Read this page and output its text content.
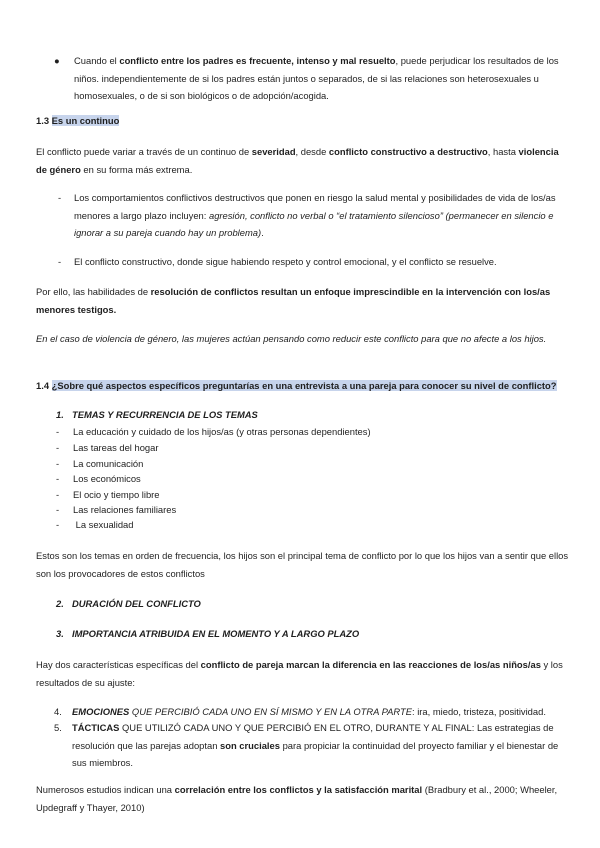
● Cuando el conflicto entre los padres es frecuente, intenso y mal resuelto, puede perjudicar los resultados de los niños. independientemente de si los padres están juntos o separados, de si las relaciones son heterosexuales u homosexuales, o de si son biológicos o de adopción/acogida.
1.3 Es un continuo
El conflicto puede variar a través de un continuo de severidad, desde conflicto constructivo a destructivo, hasta violencia de género en su forma más extrema.
- Los comportamientos conflictivos destructivos que ponen en riesgo la salud mental y posibilidades de vida de los/as menores a largo plazo incluyen: agresión, conflicto no verbal o “el tratamiento silencioso” (permanecer en silencio e ignorar a su pareja cuando hay un problema).
- El conflicto constructivo, donde sigue habiendo respeto y control emocional, y el conflicto se resuelve.
Por ello, las habilidades de resolución de conflictos resultan un enfoque imprescindible en la intervención con los/as menores testigos.
En el caso de violencia de género, las mujeres actúan pensando como reducir este conflicto para que no afecte a los hijos.
1.4 ¿Sobre qué aspectos específicos preguntarías en una entrevista a una pareja para conocer su nivel de conflicto?
1. TEMAS Y RECURRENCIA DE LOS TEMAS
- La educación y cuidado de los hijos/as (y otras personas dependientes)
- Las tareas del hogar
- La comunicación
- Los económicos
- El ocio y tiempo libre
- Las relaciones familiares
- La sexualidad
Estos son los temas en orden de frecuencia, los hijos son el principal tema de conflicto por lo que los hijos van a sentir que ellos son los provocadores de estos conflictos
2. DURACIÓN DEL CONFLICTO
3. IMPORTANCIA ATRIBUIDA EN EL MOMENTO Y A LARGO PLAZO
Hay dos características específicas del conflicto de pareja marcan la diferencia en las reacciones de los/as niños/as y los resultados de su ajuste:
4. EMOCIONES QUE PERCIBIÓ CADA UNO EN SÍ MISMO Y EN LA OTRA PARTE: ira, miedo, tristeza, positividad.
5. TÁCTICAS QUE UTILIZÓ CADA UNO Y QUE PERCIBIÓ EN EL OTRO, DURANTE Y AL FINAL: Las estrategias de resolución que las parejas adoptan son cruciales para propiciar la continuidad del proyecto familiar y el bienestar de sus miembros.
Numerosos estudios indican una correlación entre los conflictos y la satisfacción marital (Bradbury et al., 2000; Wheeler, Updegraff y Thayer, 2010)
